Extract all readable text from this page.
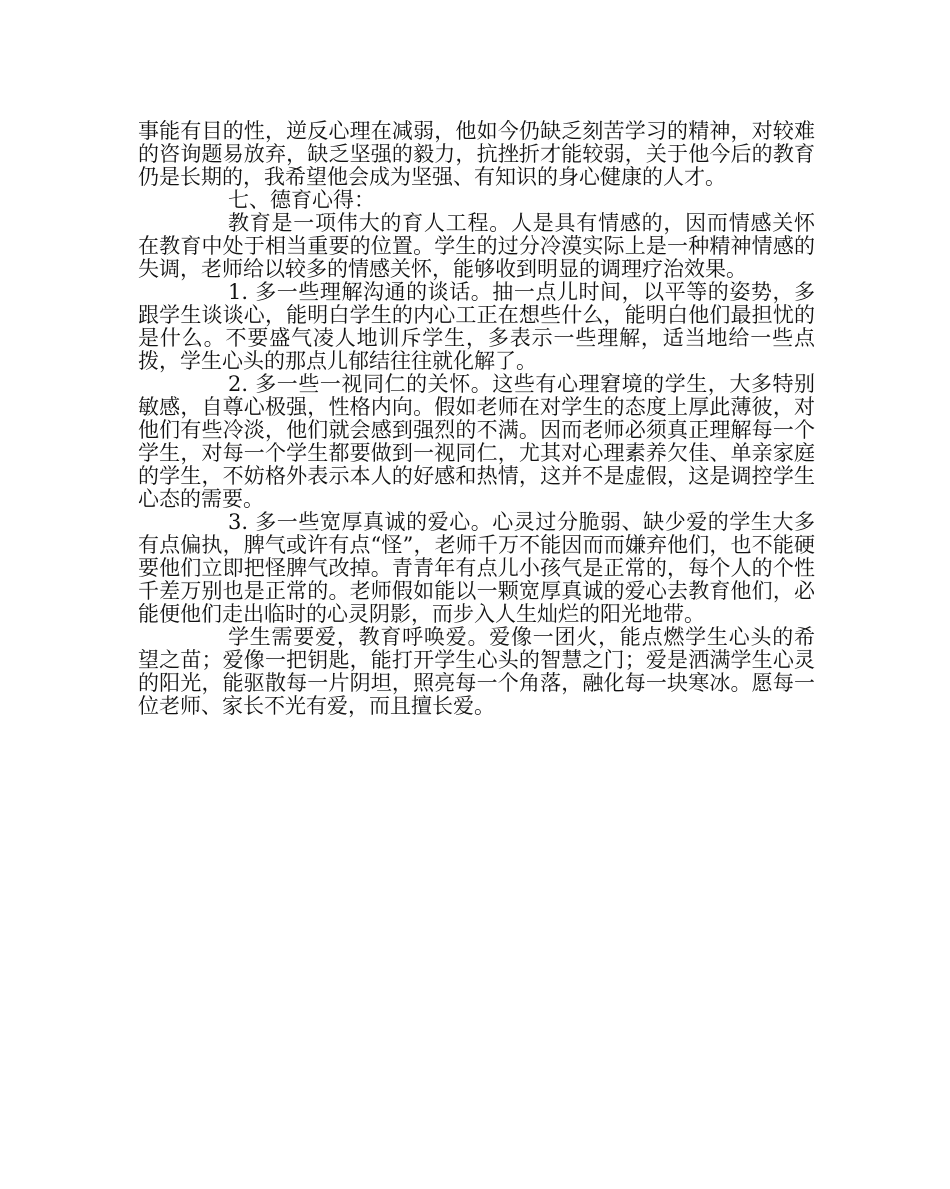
事能有目的性，逆反心理在减弱，他如今仍缺乏刻苦学习的精神，对较难的咨询题易放弃，缺乏坚强的毅力，抗挫折才能较弱，关于他今后的教育仍是长期的，我希望他会成为坚强、有知识的身心健康的人才。

七、德育心得：

教育是一项伟大的育人工程。人是具有情感的，因而情感关怀在教育中处于相当重要的位置。学生的过分冷漠实际上是一种精神情感的失调，老师给以较多的情感关怀，能够收到明显的调理疗治效果。

1. 多一些理解沟通的谈话。抽一点儿时间，以平等的姿势，多跟学生谈谈心，能明白学生的内心工正在想些什么，能明白他们最担忧的是什么。不要盛气凌人地训斥学生，多表示一些理解，适当地给一些点拨，学生心头的那点儿郁结往往就化解了。

2. 多一些一视同仁的关怀。这些有心理窘境的学生，大多特别敏感，自尊心极强，性格内向。假如老师在对学生的态度上厚此薄彼，对他们有些冷淡，他们就会感到强烈的不满。因而老师必须真正理解每一个学生，对每一个学生都要做到一视同仁，尤其对心理素养欠佳、单亲家庭的学生，不妨格外表示本人的好感和热情，这并不是虚假，这是调控学生心态的需要。

3. 多一些宽厚真诚的爱心。心灵过分脆弱、缺少爱的学生大多有点偏执，脾气或许有点“怪”，老师千万不能因而而嫌弃他们，也不能硬要他们立即把怪脾气改掉。青青年有点儿小孩气是正常的，每个人的个性千差万别也是正常的。老师假如能以一颗宽厚真诚的爱心去教育他们，必能便他们走出临时的心灵阴影，而步入人生灿烂的阳光地带。

学生需要爱，教育呼唤爱。爱像一团火，能点燃学生心头的希望之苗；爱像一把钥匙，能打开学生心头的智慧之门；爱是洒满学生心灵的阳光，能驱散每一片阴坦，照亮每一个角落，融化每一块寒冰。愿每一位老师、家长不光有爱，而且擅长爱。
